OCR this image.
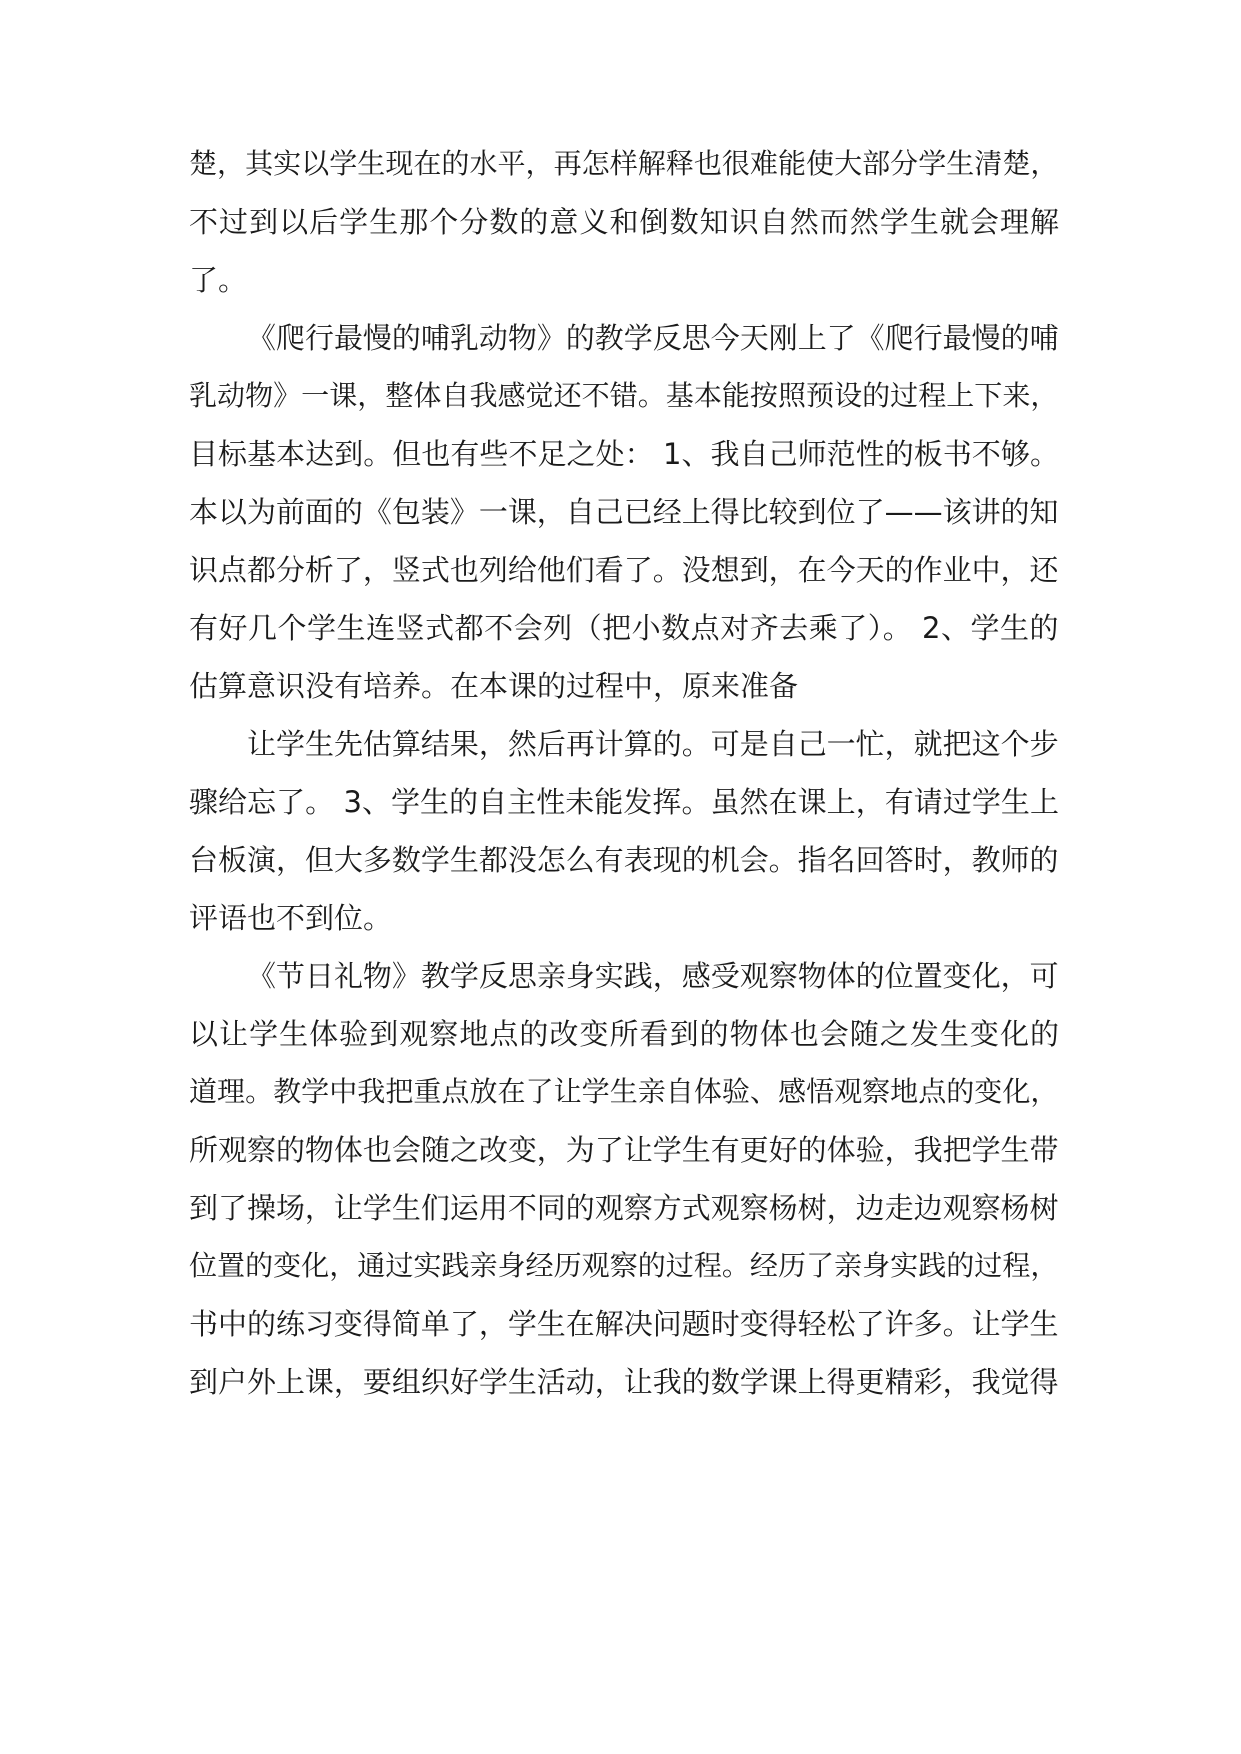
楚，其实以学生现在的水平，再怎样解释也很难能使大部分学生清楚，
不过到以后学生那个分数的意义和倒数知识自然而然学生就会理解
了。
《爬行最慢的哺乳动物》的教学反思今天刚上了《爬行最慢的哺
乳动物》一课，整体自我感觉还不错。基本能按照预设的过程上下来，
目标基本达到。但也有些不足之处： 1、我自己师范性的板书不够。
本以为前面的《包装》一课，自己已经上得比较到位了——该讲的知
识点都分析了，竖式也列给他们看了。没想到，在今天的作业中，还
有好几个学生连竖式都不会列（把小数点对齐去乘了）。 2、学生的
估算意识没有培养。在本课的过程中，原来准备
让学生先估算结果，然后再计算的。可是自己一忙，就把这个步
骤给忘了。 3、学生的自主性未能发挥。虽然在课上，有请过学生上
台板演，但大多数学生都没怎么有表现的机会。指名回答时，教师的
评语也不到位。
《节日礼物》教学反思亲身实践，感受观察物体的位置变化，可
以让学生体验到观察地点的改变所看到的物体也会随之发生变化的
道理。教学中我把重点放在了让学生亲自体验、感悟观察地点的变化，
所观察的物体也会随之改变，为了让学生有更好的体验，我把学生带
到了操场，让学生们运用不同的观察方式观察杨树，边走边观察杨树
位置的变化，通过实践亲身经历观察的过程。经历了亲身实践的过程，
书中的练习变得简单了，学生在解决问题时变得轻松了许多。让学生
到户外上课，要组织好学生活动，让我的数学课上得更精彩，我觉得
